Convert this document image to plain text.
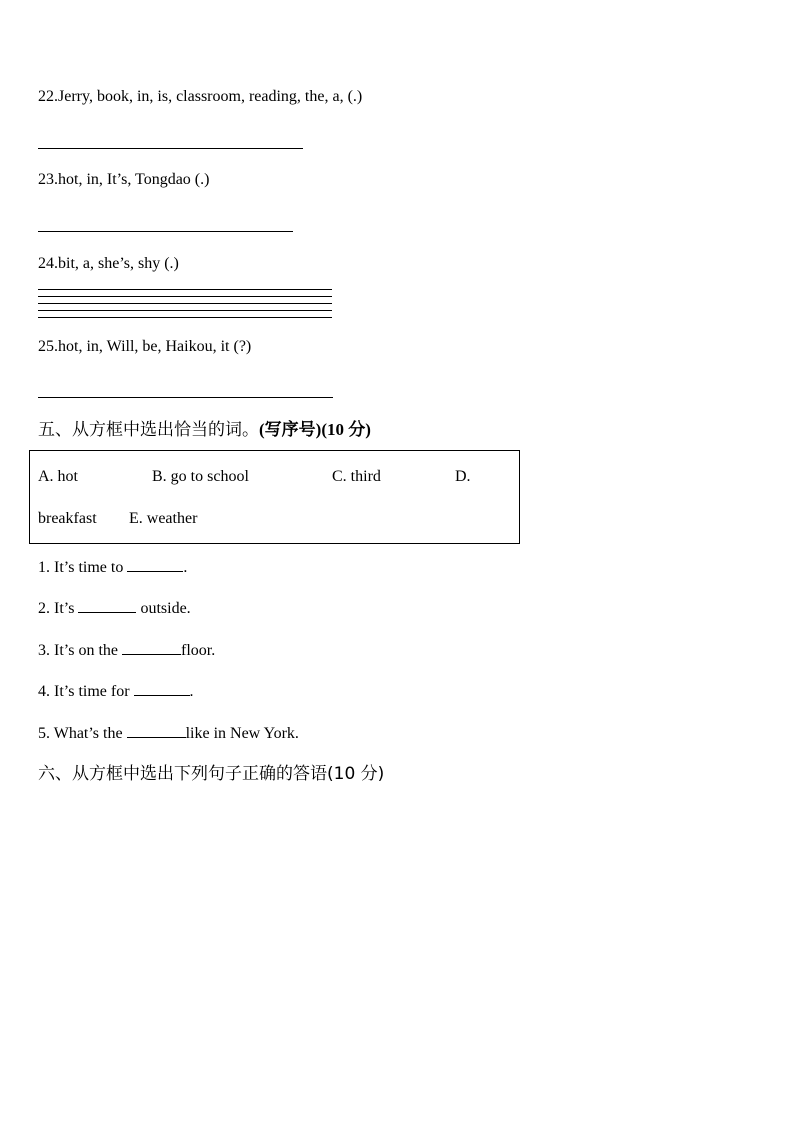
22.Jerry, book, in, is, classroom, reading, the, a, (.)
23.hot, in, It’s, Tongdao (.)
24.bit, a, she’s, shy (.)
25.hot, in, Will, be, Haikou, it (?)
五、从方框中选出恰当的词。(写序号)(10 分)
A. hot	B. go to school	C. third	D.
breakfast E. weather
1. It’s time to	.
2. It’s	outside.
3. It’s on the	floor.
4. It’s time for	.
5. What’s the	like in New York.
六、从方框中选出下列句子正确的答语(10 分)
